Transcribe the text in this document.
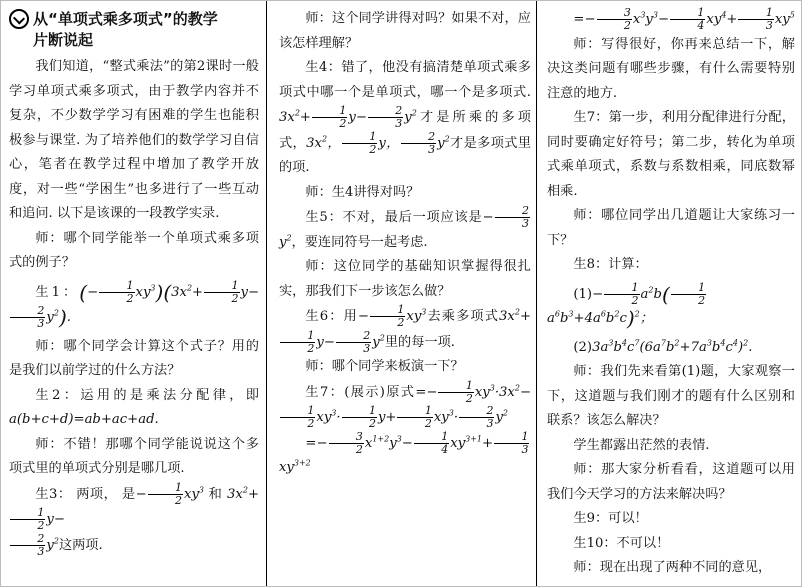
从“单项式乘多项式”的教学
片断说起

我们知道，“整式乘法”的第2课时一般学习单项式乘多项式，由于教学内容并不复杂，不少数学学习有困难的学生也能积极参与课堂. 为了培养他们的数学学习自信心，笔者在教学过程中增加了教学开放度，对一些“学困生”也多进行了一些互动和追问. 以下是该课的一段教学实录.

师：哪个同学能举一个单项式乘多项式的例子？

生1：(− $\frac{1}{2} xy^3)(3x^2+ \frac{1}{2} y-$
$\frac{2}{3} y^2$).

师：哪个同学会计算这个式子？用的是我们以前学过的什么方法？

生2：运用的是乘法分配律，即a(b+c+d)=ab+ac+ad.

师：不错！那哪个同学能说说这个多项式里的单项式分别是哪几项.

生3： 两项， 是− $\frac{1}{2} xy^3$ 和 $3x^2+$
$\frac{1}{2} y-$

$\frac{2}{3} y^2$这两项.

师：这个同学讲得对吗？如果不对，应该怎样理解？

生4：错了，他没有搞清楚单项式乘多项式中哪一个是单项式，哪一个是多项式. $3x^2+ \frac{1}{2} y- \frac{2}{3} y^2$才是所乘的多项式，$3x^2$， $\frac{1}{2}$ y， $\frac{2}{3} y^2$才是多项式里的项.

师：生4讲得对吗？

生5：不对，最后一项应该是− $\frac{2}{3}$
$y^2$，要连同符号一起考虑.

师：这位同学的基础知识掌握得很扎实，那我们下一步该怎么做？

生6：用− $\frac{1}{2} xy^3$去乘多项式$3x^2+$
$\frac{1}{2} y- \frac{2}{3} y^2$里的每一项.

师：哪个同学来板演一下？

生7：(展示)原式=− $\frac{1}{2} xy^3\cdot 3x^2-$
$\frac{1}{2} xy^3\cdot \frac{1}{2} y+ \frac{1}{2} xy^3\cdot \frac{2}{3} y^2$

=− $\frac{3}{2} x^{1+2}y^3- \frac{1}{4} xy^{3+1}+ \frac{1}{3}$
$xy^{3+2}$

=− $\frac{3}{2} x^3y^3- \frac{1}{4} xy^4+ \frac{1}{3} xy^5$

师：写得很好，你再来总结一下，解决这类问题有哪些步骤，有什么需要特别注意的地方.

生7：第一步，利用分配律进行分配，同时要确定好符号；第二步，转化为单项式乘单项式，系数与系数相乘，同底数幂相乘.

师：哪位同学出几道题让大家练习一下？

生8：计算：

$(1)- \frac{1}{2} a^2b( \frac{1}{2}$
$a^6b^3+4a^6b^2c)^2$；

$(2)3a^3b^4c^7(6a^7b^2+7a^3b^4c^4)^2$.

师：我们先来看第(1)题，大家观察一下，这道题与我们刚才的题有什么区别和联系？该怎么解决？

学生都露出茫然的表情.

师：那大家分析看看，这道题可以用我们今天学习的方法来解决吗？

生9：可以！

生10：不可以！

师：现在出现了两种不同的意见，
